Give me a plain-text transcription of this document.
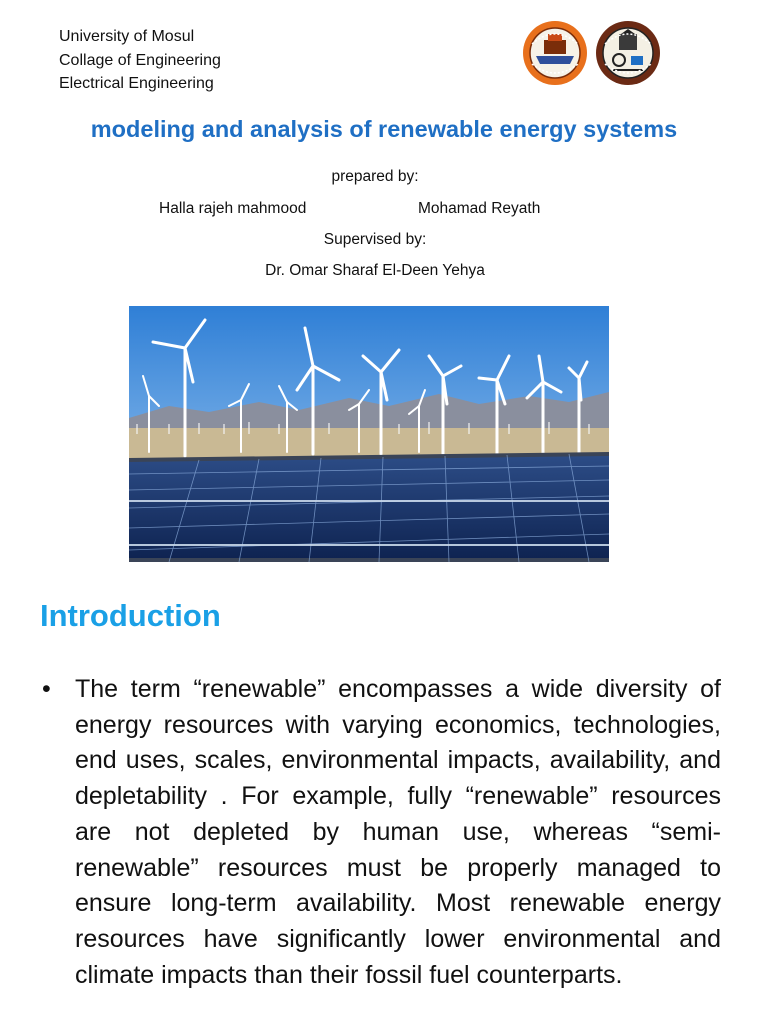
University of Mosul
Collage of Engineering
Electrical Engineering
modeling and analysis of renewable energy systems
prepared by:
Halla rajeh mahmood	Mohamad Reyath
Supervised by:
Dr. Omar Sharaf El-Deen Yehya
Introduction
• The term “renewable” encompasses a wide diversity of energy resources with varying economics, technologies, end uses, scales, environmental impacts, availability, and depletability . For example, fully “renewable” resources are not depleted by human use, whereas “semi-renewable” resources must be properly managed to ensure long-term availability. Most renewable energy resources have significantly lower environmental and climate impacts than their fossil fuel counterparts.
